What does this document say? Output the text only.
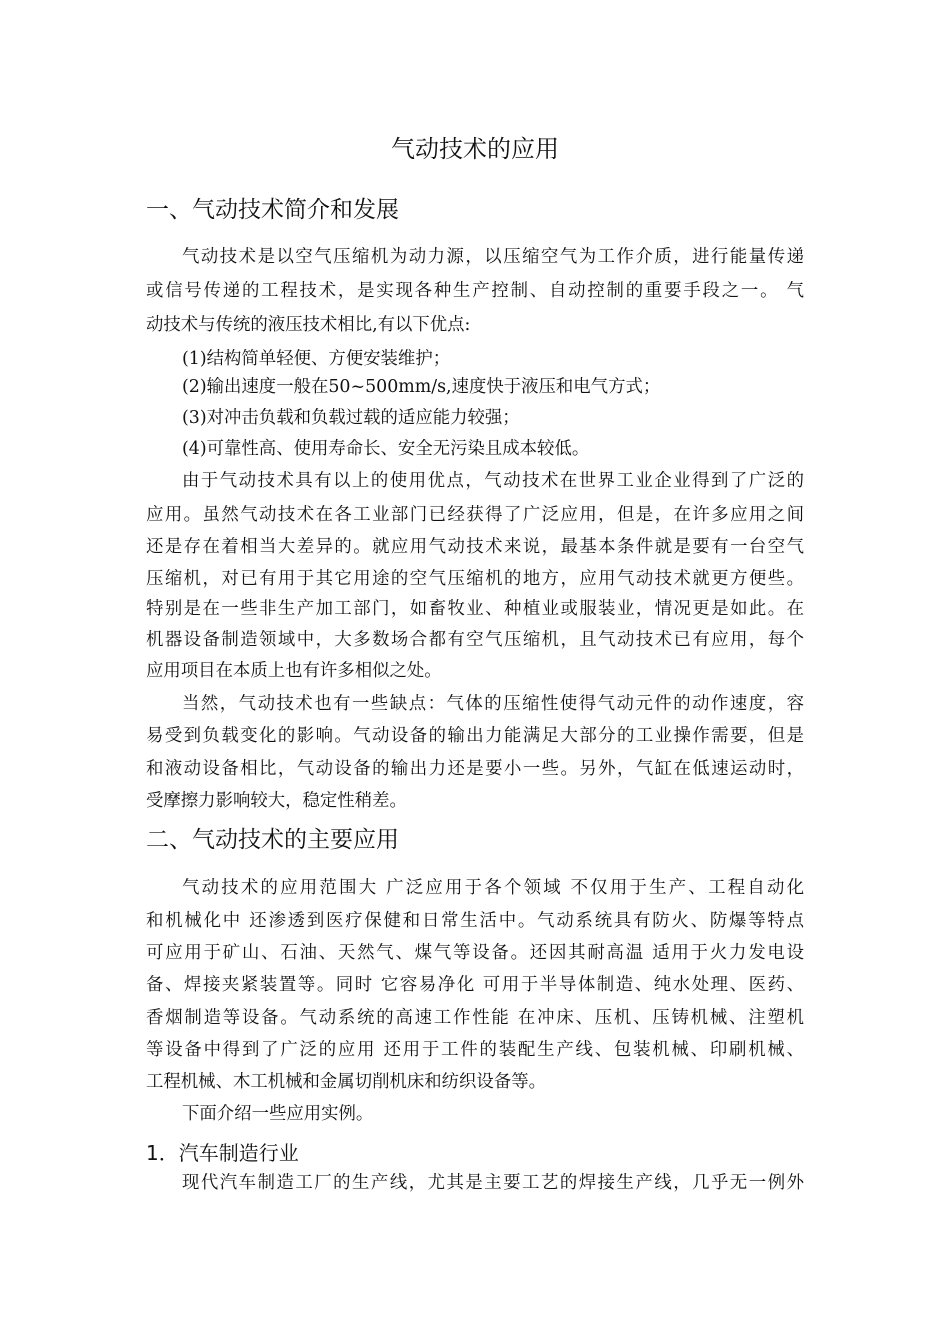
气动技术的应用
一、气动技术简介和发展
气动技术是以空气压缩机为动力源，以压缩空气为工作介质，进行能量传递
或信号传递的工程技术，是实现各种生产控制、自动控制的重要手段之一。 气
动技术与传统的液压技术相比,有以下优点:
(1)结构简单轻便、方便安装维护；
(2)输出速度一般在50~500mm/s,速度快于液压和电气方式；
(3)对冲击负载和负载过载的适应能力较强；
(4)可靠性高、使用寿命长、安全无污染且成本较低。
由于气动技术具有以上的使用优点，气动技术在世界工业企业得到了广泛的
应用。虽然气动技术在各工业部门已经获得了广泛应用，但是，在许多应用之间
还是存在着相当大差异的。就应用气动技术来说，最基本条件就是要有一台空气
压缩机，对已有用于其它用途的空气压缩机的地方，应用气动技术就更方便些。
特别是在一些非生产加工部门，如畜牧业、种植业或服装业，情况更是如此。在
机器设备制造领域中，大多数场合都有空气压缩机，且气动技术已有应用，每个
应用项目在本质上也有许多相似之处。
当然，气动技术也有一些缺点：气体的压缩性使得气动元件的动作速度，容
易受到负载变化的影响。气动设备的输出力能满足大部分的工业操作需要，但是
和液动设备相比，气动设备的输出力还是要小一些。另外，气缸在低速运动时，
受摩擦力影响较大，稳定性稍差。
二、气动技术的主要应用
气动技术的应用范围大 广泛应用于各个领域 不仅用于生产、工程自动化
和机械化中 还渗透到医疗保健和日常生活中。气动系统具有防火、防爆等特点
可应用于矿山、石油、天然气、煤气等设备。还因其耐高温 适用于火力发电设
备、焊接夹紧装置等。同时 它容易净化 可用于半导体制造、纯水处理、医药、
香烟制造等设备。气动系统的高速工作性能 在冲床、压机、压铸机械、注塑机
等设备中得到了广泛的应用 还用于工件的装配生产线、包装机械、印刷机械、
工程机械、木工机械和金属切削机床和纺织设备等。
下面介绍一些应用实例。
1．汽车制造行业
现代汽车制造工厂的生产线，尤其是主要工艺的焊接生产线，几乎无一例外
